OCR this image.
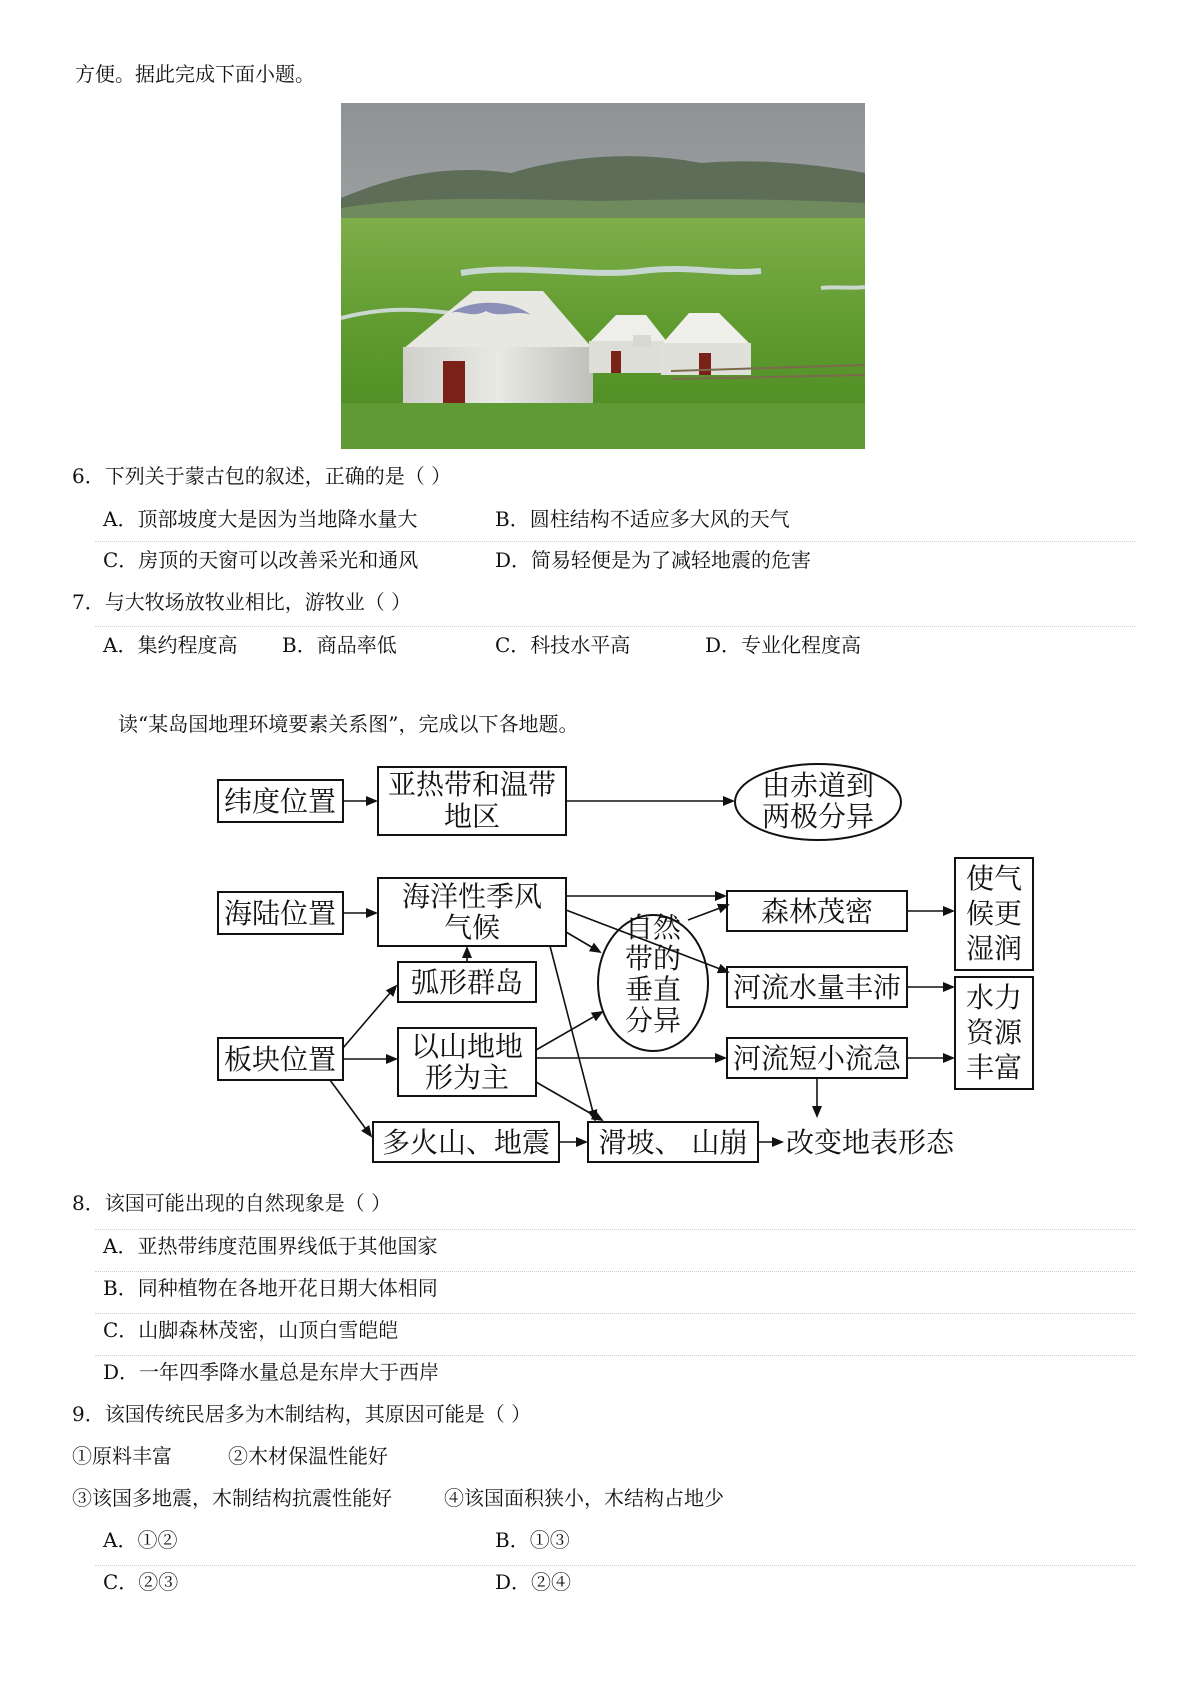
方便。据此完成下面小题。
6．下列关于蒙古包的叙述，正确的是（ ）
A．顶部坡度大是因为当地降水量大	B．圆柱结构不适应多大风的天气
C．房顶的天窗可以改善采光和通风	D．简易轻便是为了减轻地震的危害
7．与大牧场放牧业相比，游牧业（ ）
A．集约程度高 B．商品率低	C．科技水平高	D．专业化程度高
读“某岛国地理环境要素关系图”，完成以下各地题。
纬度位置
亚热带和温带
地区
由赤道到
两极分异
海陆位置
海洋性季风
气候	森林茂密
使气
候更
湿润
自然
带的
垂直
分异
弧形群岛	河流水量丰沛 水力
资源
丰富
板块位置	以山地地
形为主
河流短小流急
多火山、地震 滑坡、 山崩 改变地表形态
8．该国可能出现的自然现象是（ ）
A．亚热带纬度范围界线低于其他国家
B．同种植物在各地开花日期大体相同
C．山脚森林茂密，山顶白雪皑皑
D．一年四季降水量总是东岸大于西岸
9．该国传统民居多为木制结构，其原因可能是（ ）
①原料丰富	②木材保温性能好
③该国多地震，木制结构抗震性能好	④该国面积狭小，木结构占地少
A．①②	B．①③
C．②③	D．②④
